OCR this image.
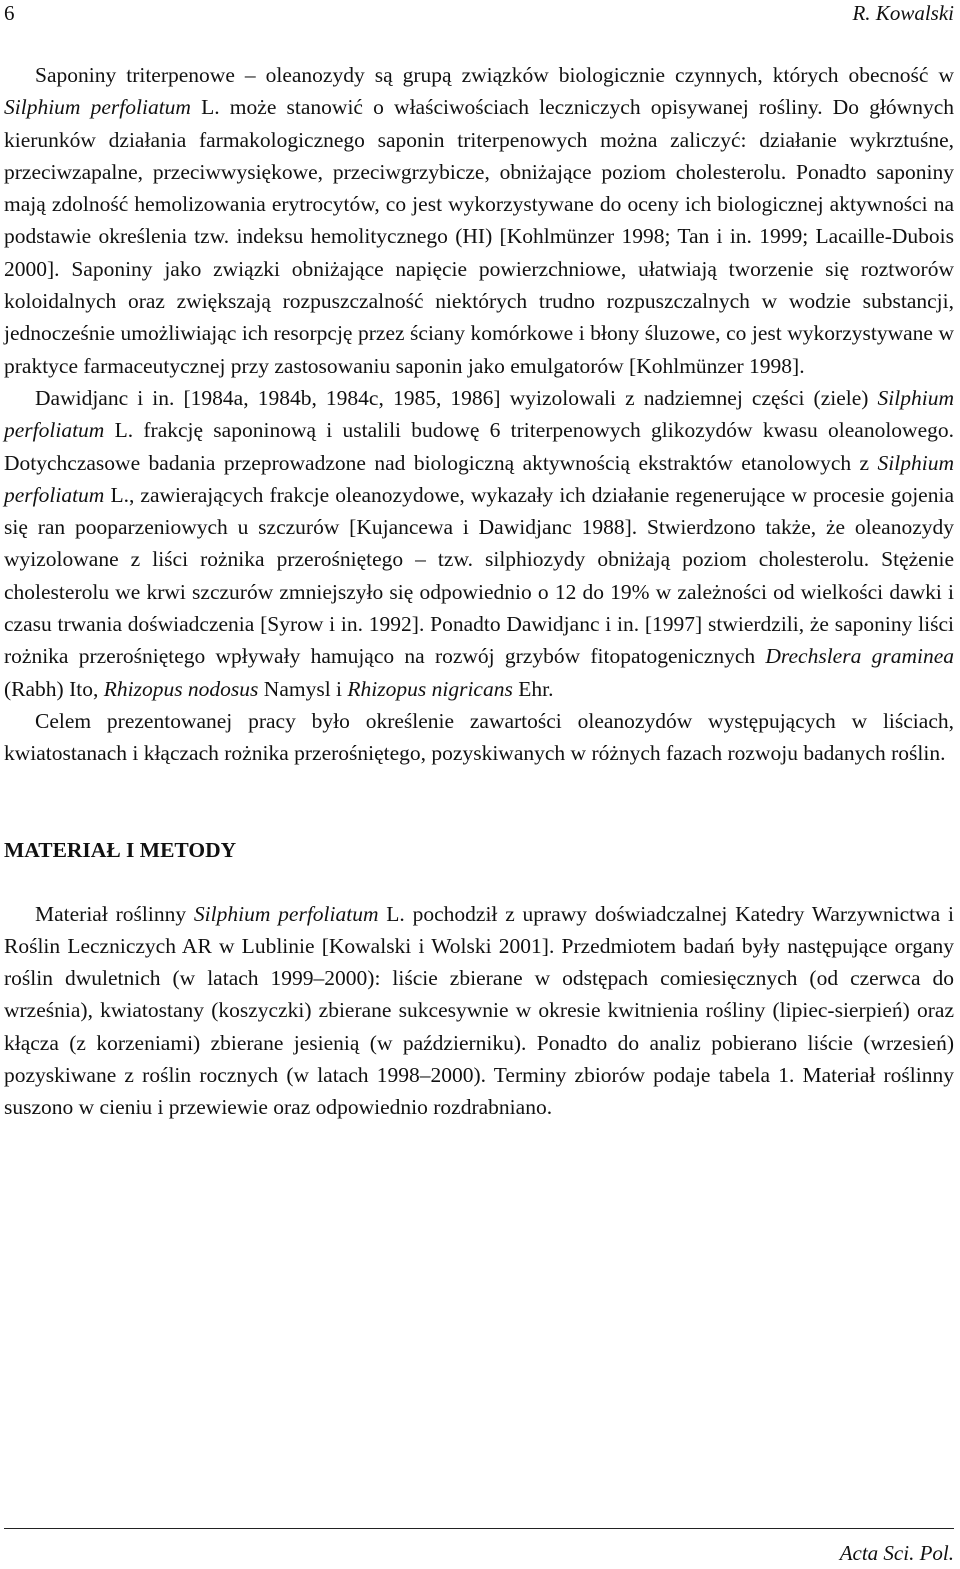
6	R. Kowalski

Saponiny triterpenowe – oleanozydy są grupą związków biologicznie czynnych, których obecność w Silphium perfoliatum L. może stanowić o właściwościach leczniczych opisywanej rośliny. Do głównych kierunków działania farmakologicznego saponin triterpenowych można zaliczyć: działanie wykrztuśne, przeciwzapalne, przeciwwysiękowe, przeciwgrzybicze, obniżające poziom cholesterolu. Ponadto saponiny mają zdolność hemolizowania erytrocytów, co jest wykorzystywane do oceny ich biologicznej aktywności na podstawie określenia tzw. indeksu hemolitycznego (HI) [Kohlmünzer 1998; Tan i in. 1999; Lacaille-Dubois 2000]. Saponiny jako związki obniżające napięcie powierzchniowe, ułatwiają tworzenie się roztworów koloidalnych oraz zwiększają rozpuszczalność niektórych trudno rozpuszczalnych w wodzie substancji, jednocześnie umożliwiając ich resorpcję przez ściany komórkowe i błony śluzowe, co jest wykorzystywane w praktyce farmaceutycznej przy zastosowaniu saponin jako emulgatorów [Kohlmünzer 1998].

Dawidjanc i in. [1984a, 1984b, 1984c, 1985, 1986] wyizolowali z nadziemnej części (ziele) Silphium perfoliatum L. frakcję saponinową i ustalili budowę 6 triterpenowych glikozydów kwasu oleanolowego. Dotychczasowe badania przeprowadzone nad biologiczną aktywnością ekstraktów etanolowych z Silphium perfoliatum L., zawierających frakcje oleanozydowe, wykazały ich działanie regenerujące w procesie gojenia się ran pooparzeniowych u szczurów [Kujancewa i Dawidjanc 1988]. Stwierdzono także, że oleanozydy wyizolowane z liści rożnika przerośniętego – tzw. silphiozydy obniżają poziom cholesterolu. Stężenie cholesterolu we krwi szczurów zmniejszyło się odpowiednio o 12 do 19% w zależności od wielkości dawki i czasu trwania doświadczenia [Syrow i in. 1992]. Ponadto Dawidjanc i in. [1997] stwierdzili, że saponiny liści rożnika przerośniętego wpływały hamująco na rozwój grzybów fitopatogenicznych Drechslera graminea (Rabh) Ito, Rhizopus nodosus Namysl i Rhizopus nigricans Ehr.

Celem prezentowanej pracy było określenie zawartości oleanozydów występujących w liściach, kwiatostanach i kłączach rożnika przerośniętego, pozyskiwanych w różnych fazach rozwoju badanych roślin.

MATERIAŁ I METODY

Materiał roślinny Silphium perfoliatum L. pochodził z uprawy doświadczalnej Katedry Warzywnictwa i Roślin Leczniczych AR w Lublinie [Kowalski i Wolski 2001]. Przedmiotem badań były następujące organy roślin dwuletnich (w latach 1999–2000): liście zbierane w odstępach comiesięcznych (od czerwca do września), kwiatostany (koszyczki) zbierane sukcesywnie w okresie kwitnienia rośliny (lipiec-sierpień) oraz kłącza (z korzeniami) zbierane jesienią (w październiku). Ponadto do analiz pobierano liście (wrzesień) pozyskiwane z roślin rocznych (w latach 1998–2000). Terminy zbiorów podaje tabela 1. Materiał roślinny suszono w cieniu i przewiewie oraz odpowiednio rozdrabniano.

Acta Sci. Pol.
